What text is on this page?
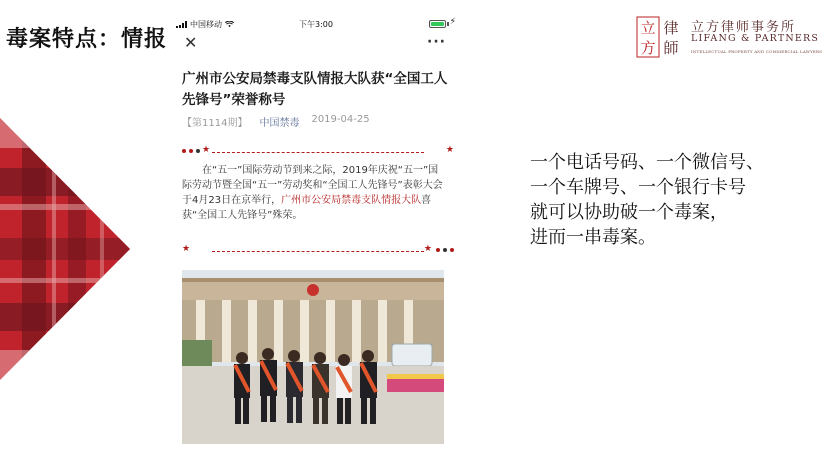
毒案特点：情报
中国移动	下午3:00	⚡
✕	···
广州市公安局禁毒支队情报大队获“全国工人先锋号”荣誉称号
【第1114期】 中国禁毒 2019-04-25
★	★
在“五一”国际劳动节到来之际，2019年庆祝“五一”国际劳动节暨全国“五一”劳动奖和“全国工人先锋号”表彰大会于4月23日在京举行，广州市公安局禁毒支队情报大队喜获“全国工人先锋号”殊荣。
★	★
立
方
律
師
立方律师事务所
LIFANG & PARTNERS
INTELLECTUAL PROPERTY AND COMMERCIAL LAWYERS
一个电话号码、一个微信号、
一个车牌号、一个银行卡号
就可以协助破一个毒案，
进而一串毒案。
